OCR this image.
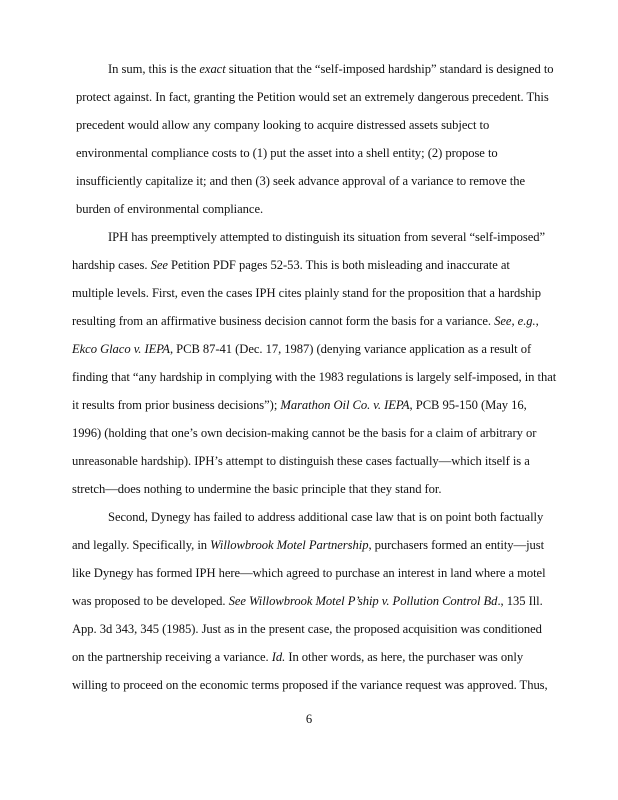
In sum, this is the exact situation that the “self-imposed hardship” standard is designed to
protect against. In fact, granting the Petition would set an extremely dangerous precedent. This
precedent would allow any company looking to acquire distressed assets subject to
environmental compliance costs to (1) put the asset into a shell entity; (2) propose to
insufficiently capitalize it; and then (3) seek advance approval of a variance to remove the
burden of environmental compliance.
IPH has preemptively attempted to distinguish its situation from several “self-imposed”
hardship cases. See Petition PDF pages 52-53. This is both misleading and inaccurate at
multiple levels. First, even the cases IPH cites plainly stand for the proposition that a hardship
resulting from an affirmative business decision cannot form the basis for a variance. See, e.g.,
Ekco Glaco v. IEPA, PCB 87-41 (Dec. 17, 1987) (denying variance application as a result of
finding that “any hardship in complying with the 1983 regulations is largely self-imposed, in that
it results from prior business decisions”); Marathon Oil Co. v. IEPA, PCB 95-150 (May 16,
1996) (holding that one’s own decision-making cannot be the basis for a claim of arbitrary or
unreasonable hardship). IPH’s attempt to distinguish these cases factually—which itself is a
stretch—does nothing to undermine the basic principle that they stand for.
Second, Dynegy has failed to address additional case law that is on point both factually
and legally. Specifically, in Willowbrook Motel Partnership, purchasers formed an entity—just
like Dynegy has formed IPH here—which agreed to purchase an interest in land where a motel
was proposed to be developed. See Willowbrook Motel P’ship v. Pollution Control Bd., 135 Ill.
App. 3d 343, 345 (1985). Just as in the present case, the proposed acquisition was conditioned
on the partnership receiving a variance. Id. In other words, as here, the purchaser was only
willing to proceed on the economic terms proposed if the variance request was approved. Thus,
6
